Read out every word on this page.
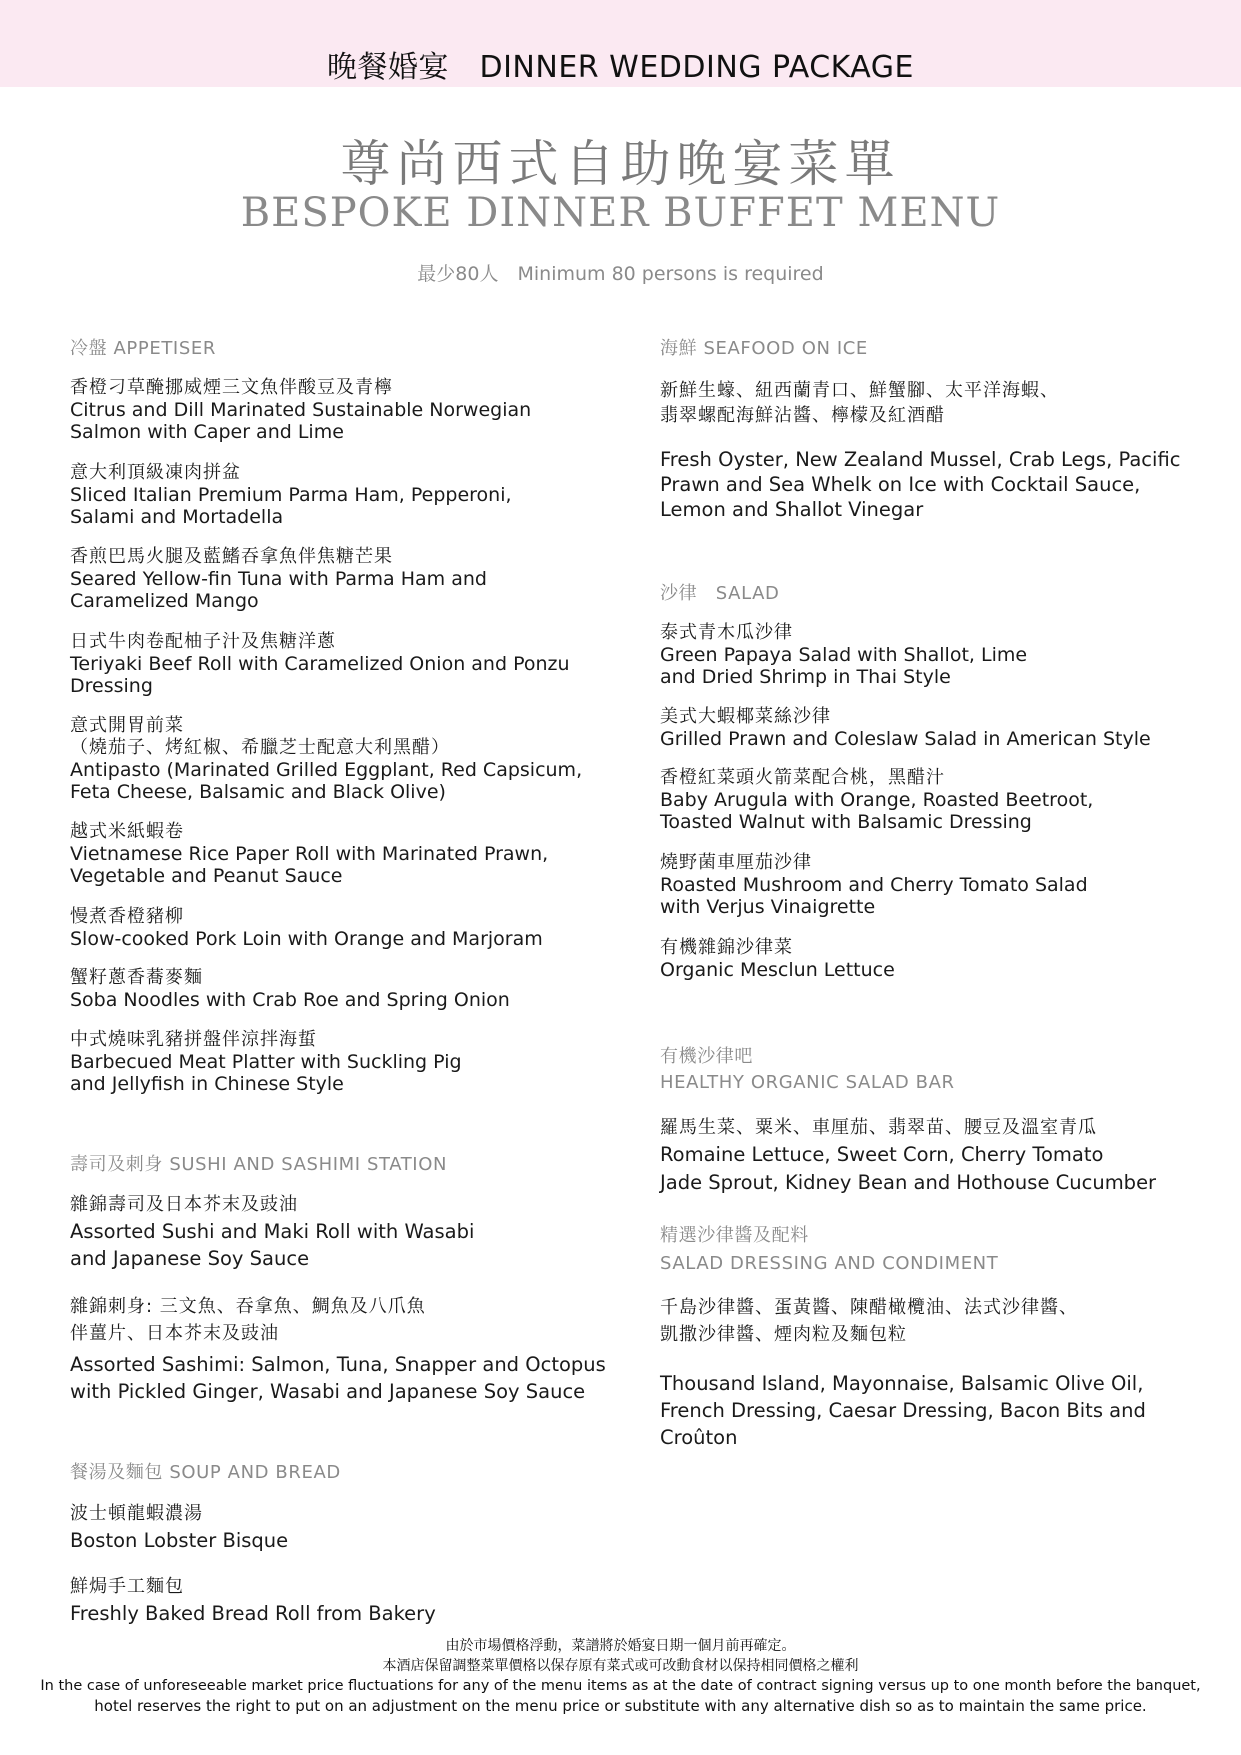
晚餐婚宴　DINNER WEDDING PACKAGE
尊尚西式自助晚宴菜單
BESPOKE DINNER BUFFET MENU
最少80人　Minimum 80 persons is required
冷盤 APPETISER
香橙刁草醃挪威煙三文魚伴酸豆及青檸
Citrus and Dill Marinated Sustainable Norwegian
Salmon with Caper and Lime
意大利頂級凍肉拼盆
Sliced Italian Premium Parma Ham, Pepperoni,
Salami and Mortadella
香煎巴馬火腿及藍鰭吞拿魚伴焦糖芒果
Seared Yellow-fin Tuna with Parma Ham and
Caramelized Mango
日式牛肉卷配柚子汁及焦糖洋蔥
Teriyaki Beef Roll with Caramelized Onion and Ponzu
Dressing
意式開胃前菜
（燒茄子、烤紅椒、希臘芝士配意大利黑醋）
Antipasto (Marinated Grilled Eggplant, Red Capsicum,
Feta Cheese, Balsamic and Black Olive)
越式米紙蝦卷
Vietnamese Rice Paper Roll with Marinated Prawn,
Vegetable and Peanut Sauce
慢煮香橙豬柳
Slow-cooked Pork Loin with Orange and Marjoram
蟹籽蔥香蕎麥麵
Soba Noodles with Crab Roe and Spring Onion
中式燒味乳豬拼盤伴涼拌海蜇
Barbecued Meat Platter with Suckling Pig
and Jellyfish in Chinese Style
壽司及刺身 SUSHI AND SASHIMI STATION
雜錦壽司及日本芥末及豉油
Assorted Sushi and Maki Roll with Wasabi
and Japanese Soy Sauce
雜錦刺身: 三文魚、吞拿魚、鯛魚及八爪魚
伴薑片、日本芥末及豉油
Assorted Sashimi: Salmon, Tuna, Snapper and Octopus
with Pickled Ginger, Wasabi and Japanese Soy Sauce
餐湯及麵包 SOUP AND BREAD
波士頓龍蝦濃湯
Boston Lobster Bisque
鮮焗手工麵包
Freshly Baked Bread Roll from Bakery
海鮮 SEAFOOD ON ICE
新鮮生蠔、紐西蘭青口、鮮蟹腳、太平洋海蝦、
翡翠螺配海鮮沾醬、檸檬及紅酒醋
Fresh Oyster, New Zealand Mussel, Crab Legs, Pacific
Prawn and Sea Whelk on Ice with Cocktail Sauce,
Lemon and Shallot Vinegar
沙律　SALAD
泰式青木瓜沙律
Green Papaya Salad with Shallot, Lime
and Dried Shrimp in Thai Style
美式大蝦椰菜絲沙律
Grilled Prawn and Coleslaw Salad in American Style
香橙紅菜頭火箭菜配合桃，黑醋汁
Baby Arugula with Orange, Roasted Beetroot,
Toasted Walnut with Balsamic Dressing
燒野菌車厘茄沙律
Roasted Mushroom and Cherry Tomato Salad
with Verjus Vinaigrette
有機雜錦沙律菜
Organic Mesclun Lettuce
有機沙律吧
HEALTHY ORGANIC SALAD BAR
羅馬生菜、粟米、車厘茄、翡翠苗、腰豆及溫室青瓜
Romaine Lettuce, Sweet Corn, Cherry Tomato
Jade Sprout, Kidney Bean and Hothouse Cucumber
精選沙律醬及配料
SALAD DRESSING AND CONDIMENT
千島沙律醬、蛋黃醬、陳醋橄欖油、法式沙律醬、
凱撒沙律醬、煙肉粒及麵包粒
Thousand Island, Mayonnaise, Balsamic Olive Oil,
French Dressing, Caesar Dressing, Bacon Bits and
Croûton
由於市場價格浮動，菜譜將於婚宴日期一個月前再確定。
本酒店保留調整菜單價格以保存原有菜式或可改動食材以保持相同價格之權利
In the case of unforeseeable market price fluctuations for any of the menu items as at the date of contract signing versus up to one month before the banquet,
hotel reserves the right to put on an adjustment on the menu price or substitute with any alternative dish so as to maintain the same price.
